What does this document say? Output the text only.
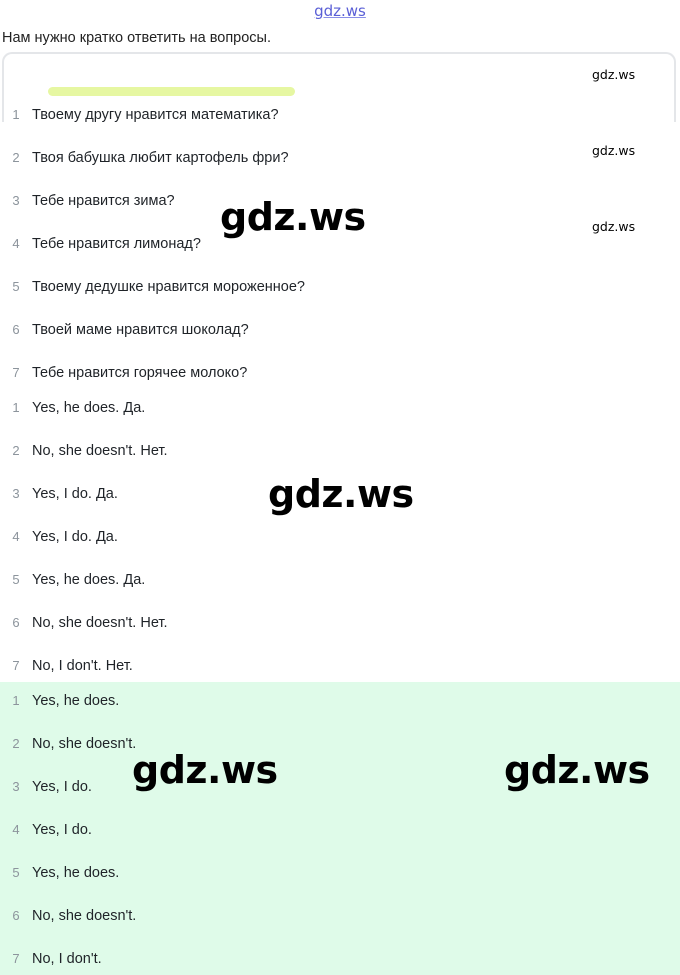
gdz.ws
Нам нужно кратко ответить на вопросы.
1 Твоему другу нравится математика?
2 Твоя бабушка любит картофель фри?
3 Тебе нравится зима?
4 Тебе нравится лимонад?
5 Твоему дедушке нравится мороженное?
6 Твоей маме нравится шоколад?
7 Тебе нравится горячее молоко?
1 Yes, he does. Да.
2 No, she doesn't. Нет.
3 Yes, I do. Да.
4 Yes, I do. Да.
5 Yes, he does. Да.
6 No, she doesn't. Нет.
7 No, I don't. Нет.
1 Yes, he does.
2 No, she doesn't.
3 Yes, I do.
4 Yes, I do.
5 Yes, he does.
6 No, she doesn't.
7 No, I don't.
gdz.ws
gdz.ws
gdz.ws
gdz.ws
gdz.ws
gdz.ws	gdz.ws
